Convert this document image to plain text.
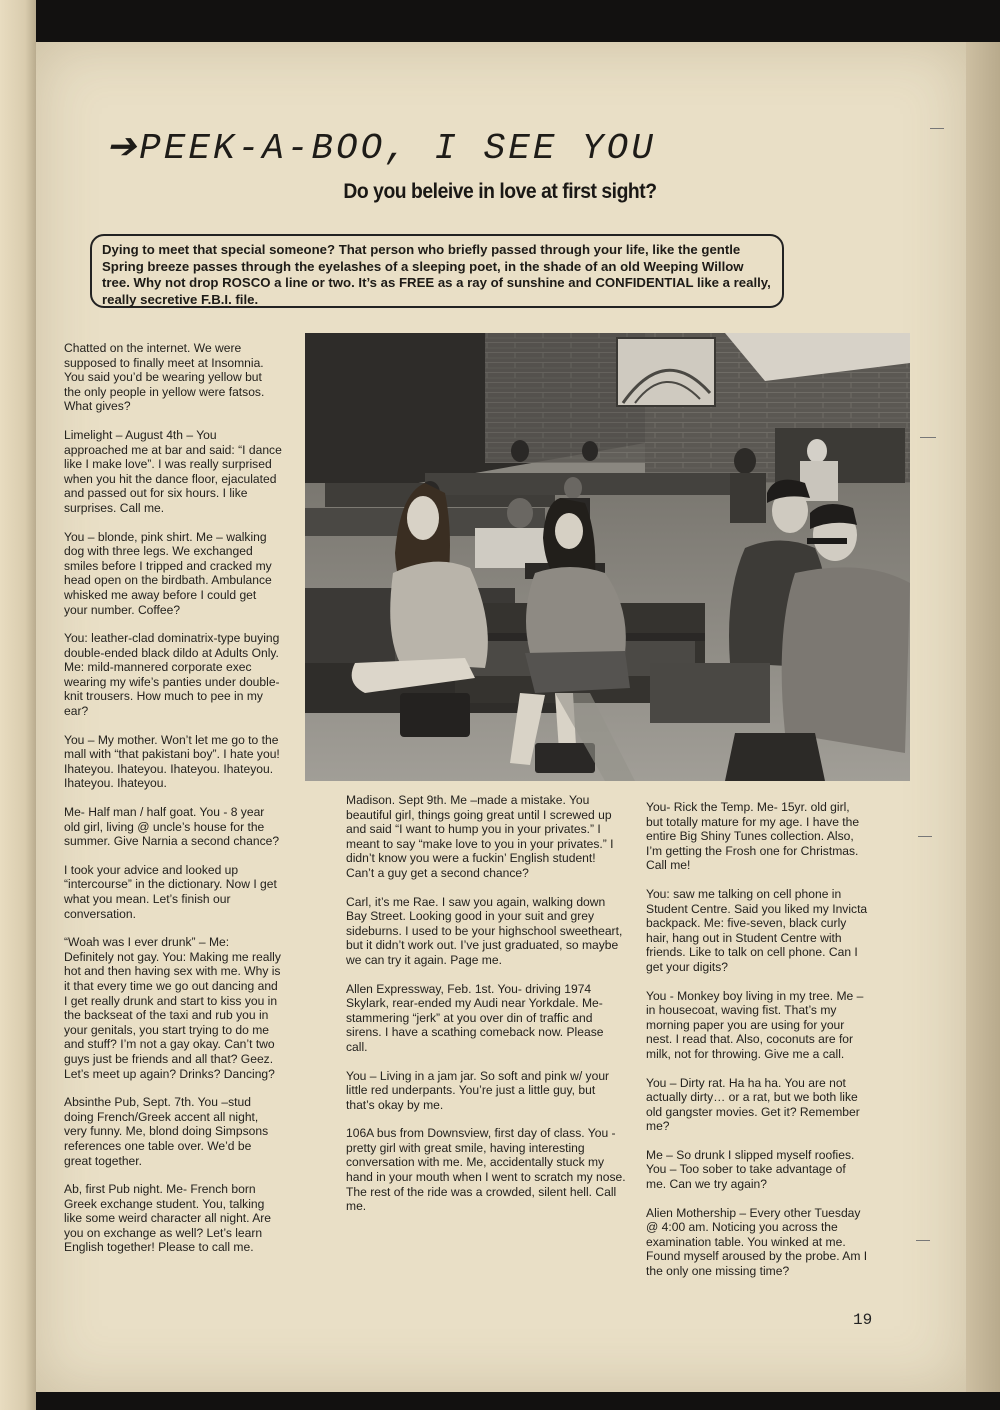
➔PEEK-A-BOO, I SEE YOU
Do you beleive in love at first sight?
Dying to meet that special someone? That person who briefly passed through your life, like the gentle Spring breeze passes through the eyelashes of a sleeping poet, in the shade of an old Weeping Willow tree. Why not drop ROSCO a line or two. It’s as FREE as a ray of sunshine and CONFIDENTIAL like a really, really secretive F.B.I. file.

Chatted on the internet. We were supposed to finally meet at Insomnia. You said you’d be wearing yellow but the only people in yellow were fatsos. What gives?

Limelight – August 4th – You approached me at bar and said: “I dance like I make love”. I was really surprised when you hit the dance floor, ejaculated and passed out for six hours. I like surprises. Call me.

You – blonde, pink shirt. Me – walking dog with three legs. We exchanged smiles before I tripped and cracked my head open on the birdbath. Ambulance whisked me away before I could get your number. Coffee?

You: leather-clad dominatrix-type buying double-ended black dildo at Adults Only. Me: mild-mannered corporate exec wearing my wife’s panties under double-knit trousers. How much to pee in my ear?

You – My mother. Won’t let me go to the mall with “that pakistani boy”. I hate you! Ihateyou. Ihateyou. Ihateyou. Ihateyou. Ihateyou. Ihateyou.

Me- Half man / half goat. You - 8 year old girl, living @ uncle’s house for the summer. Give Narnia a second chance?

I took your advice and looked up “intercourse” in the dictionary. Now I get what you mean. Let’s finish our conversation.

“Woah was I ever drunk” – Me: Definitely not gay. You: Making me really hot and then having sex with me. Why is it that every time we go out dancing and I get really drunk and start to kiss you in the backseat of the taxi and rub you in your genitals, you start trying to do me and stuff? I’m not a gay okay. Can’t two guys just be friends and all that? Geez. Let’s meet up again? Drinks? Dancing?

Absinthe Pub, Sept. 7th. You –stud doing French/Greek accent all night, very funny. Me, blond doing Simpsons references one table over. We’d be great together.

Ab, first Pub night. Me- French born Greek exchange student. You, talking like some weird character all night. Are you on exchange as well? Let’s learn English together! Please to call me.

Madison. Sept 9th. Me –made a mistake. You beautiful girl, things going great until I screwed up and said “I want to hump you in your privates.” I meant to say “make love to you in your privates.” I didn’t know you were a fuckin’ English student! Can’t a guy get a second chance?

Carl, it’s me Rae. I saw you again, walking down Bay Street. Looking good in your suit and grey sideburns. I used to be your highschool sweetheart, but it didn’t work out. I’ve just graduated, so maybe we can try it again. Page me.

Allen Expressway, Feb. 1st. You- driving 1974 Skylark, rear-ended my Audi near Yorkdale. Me- stammering “jerk” at you over din of traffic and sirens. I have a scathing comeback now. Please call.

You – Living in a jam jar. So soft and pink w/ your little red underpants. You’re just a little guy, but that’s okay by me.

106A bus from Downsview, first day of class. You -pretty girl with great smile, having interesting conversation with me. Me, accidentally stuck my hand in your mouth when I went to scratch my nose. The rest of the ride was a crowded, silent hell. Call me.

You- Rick the Temp. Me- 15yr. old girl, but totally mature for my age. I have the entire Big Shiny Tunes collection. Also, I’m getting the Frosh one for Christmas. Call me!

You: saw me talking on cell phone in Student Centre. Said you liked my Invicta backpack. Me: five-seven, black curly hair, hang out in Student Centre with friends. Like to talk on cell phone. Can I get your digits?

You - Monkey boy living in my tree. Me – in housecoat, waving fist. That’s my morning paper you are using for your nest. I read that. Also, coconuts are for milk, not for throwing. Give me a call.

You – Dirty rat. Ha ha ha. You are not actually dirty… or a rat, but we both like old gangster movies. Get it? Remember me?

Me – So drunk I slipped myself roofies. You – Too sober to take advantage of me. Can we try again?

Alien Mothership – Every other Tuesday @ 4:00 am. Noticing you across the examination table. You winked at me. Found myself aroused by the probe. Am I the only one missing time?

19
